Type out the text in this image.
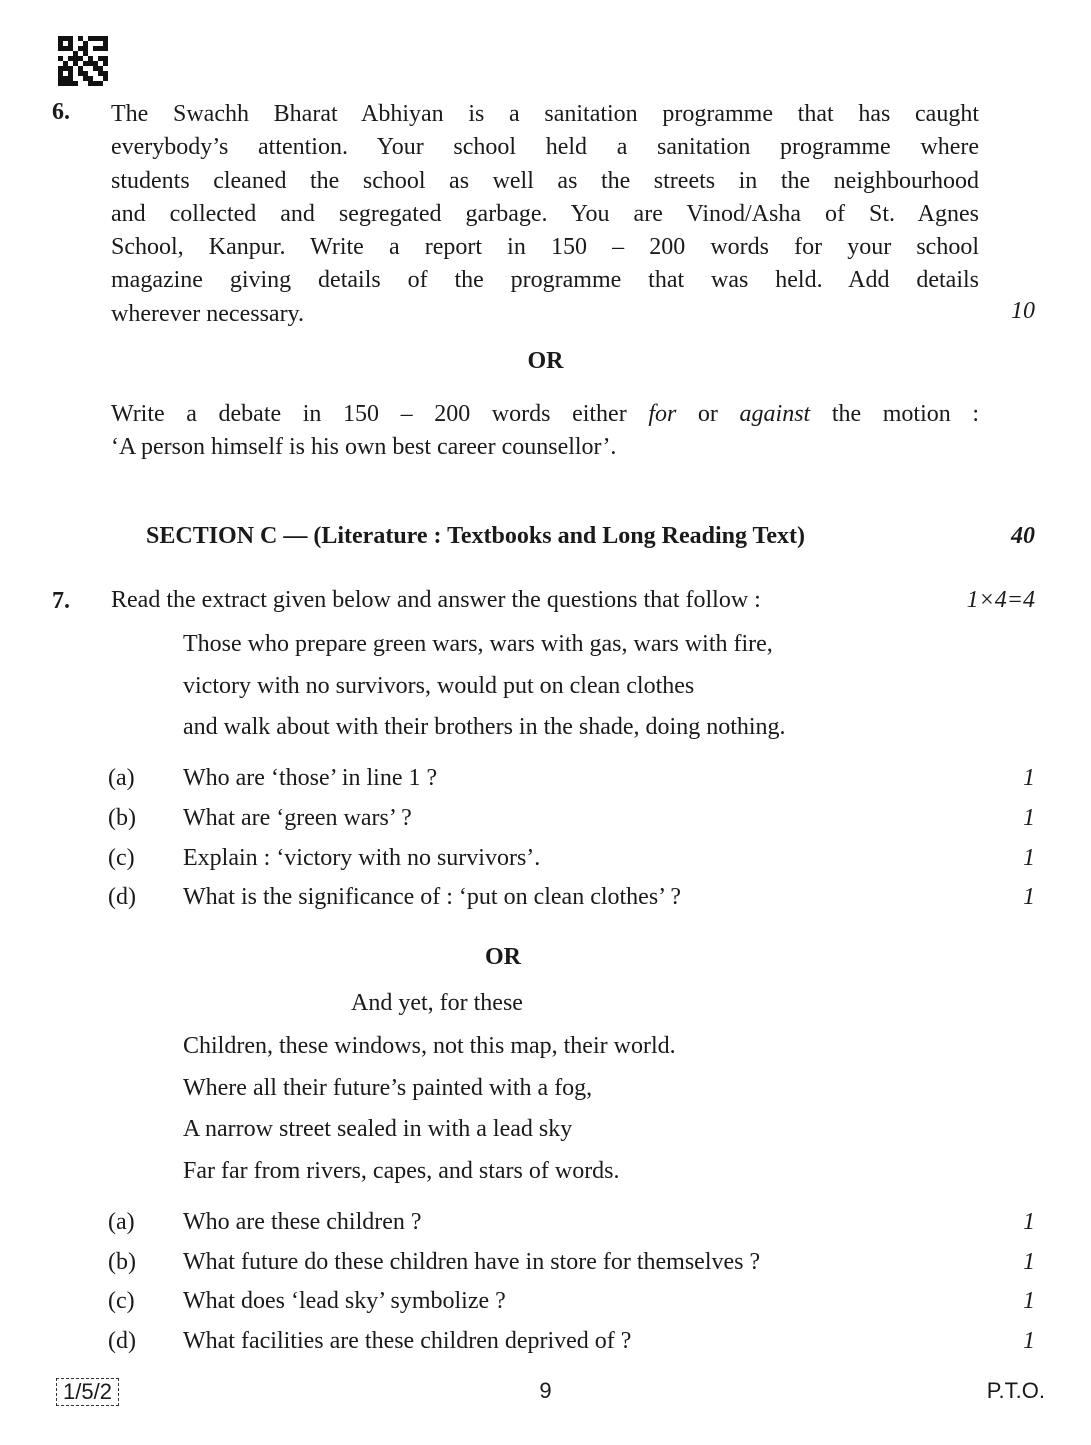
6. The Swachh Bharat Abhiyan is a sanitation programme that has caught
everybody’s attention. Your school held a sanitation programme where
students cleaned the school as well as the streets in the neighbourhood
and collected and segregated garbage. You are Vinod/Asha of St. Agnes
School, Kanpur. Write a report in 150 – 200 words for your school
magazine giving details of the programme that was held. Add details
wherever necessary.	10
OR
Write a debate in 150 – 200 words either for or against the motion :
‘A person himself is his own best career counsellor’.
SECTION C — (Literature : Textbooks and Long Reading Text)	40
7. Read the extract given below and answer the questions that follow :	1×4=4
Those who prepare green wars, wars with gas, wars with fire,
victory with no survivors, would put on clean clothes
and walk about with their brothers in the shade, doing nothing.
(a) Who are ‘those’ in line 1 ?	1
(b) What are ‘green wars’ ?	1
(c) Explain : ‘victory with no survivors’.	1
(d) What is the significance of : ‘put on clean clothes’ ?	1
OR
And yet, for these
Children, these windows, not this map, their world.
Where all their future’s painted with a fog,
A narrow street sealed in with a lead sky
Far far from rivers, capes, and stars of words.
(a) Who are these children ?	1
(b) What future do these children have in store for themselves ?	1
(c) What does ‘lead sky’ symbolize ?	1
(d) What facilities are these children deprived of ?	1
1/5/2	9	P.T.O.
